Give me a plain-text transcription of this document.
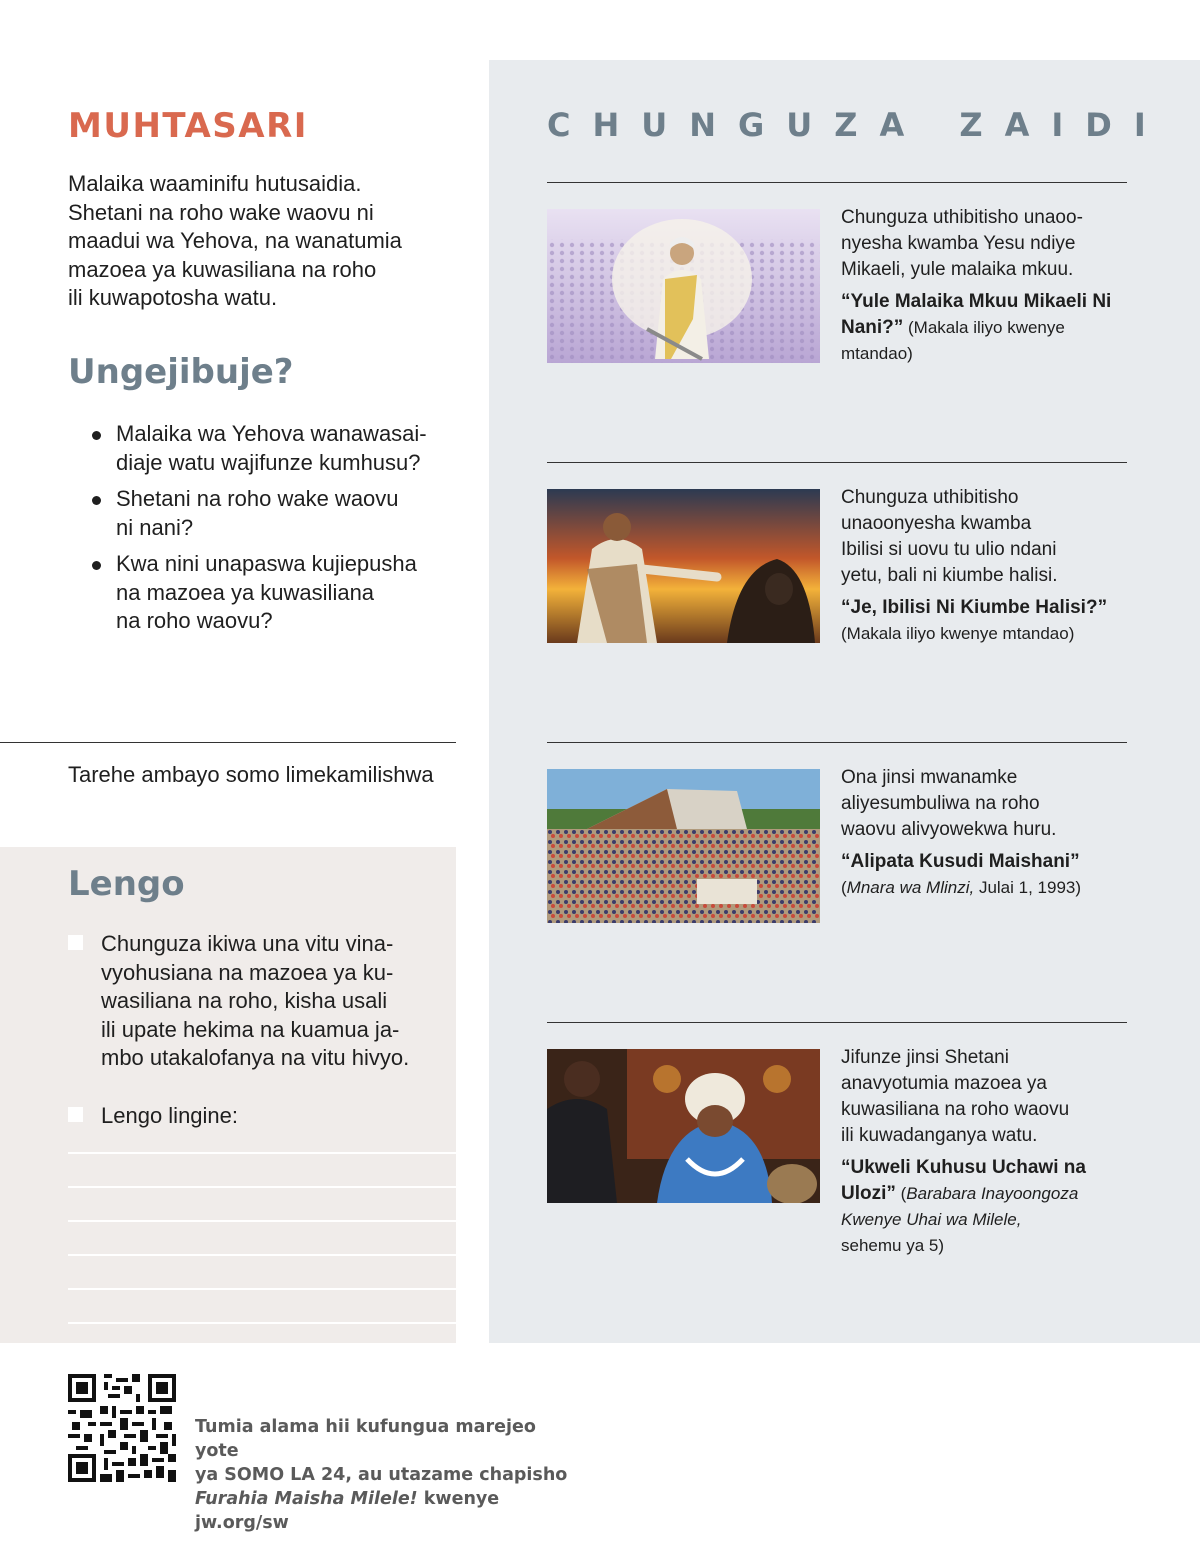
MUHTASARI

Malaika waaminifu hutusaidia.
Shetani na roho wake waovu ni
maadui wa Yehova, na wanatumia
mazoea ya kuwasiliana na roho
ili kuwapotosha watu.

Ungejibuje?
Malaika wa Yehova wanawasai-
diaje watu wajifunze kumhusu?
Shetani na roho wake waovu
ni nani?
Kwa nini unapaswa kujiepusha
na mazoea ya kuwasiliana
na roho waovu?
Tarehe ambayo somo limekamilishwa
Lengo
Chunguza ikiwa una vitu vina-
vyohusiana na mazoea ya ku-
wasiliana na roho, kisha usali
ili upate hekima na kuamua ja-
mbo utakalofanya na vitu hivyo.
Lengo lingine:
CHUNGUZA ZAIDI
Chunguza uthibitisho unaoo-
nyesha kwamba Yesu ndiye
Mikaeli, yule malaika mkuu.
“Yule Malaika Mkuu Mikaeli Ni Nani?” (Makala iliyo kwenye mtandao)
Chunguza uthibitisho
unaoonyesha kwamba
Ibilisi si uovu tu ulio ndani
yetu, bali ni kiumbe halisi.
“Je, Ibilisi Ni Kiumbe Halisi?” (Makala iliyo kwenye mtandao)
Ona jinsi mwanamke
aliyesumbuliwa na roho
waovu alivyowekwa huru.
“Alipata Kusudi Maishani”
(Mnara wa Mlinzi, Julai 1, 1993)
Jifunze jinsi Shetani
anavyotumia mazoea ya
kuwasiliana na roho waovu
ili kuwadanganya watu.
“Ukweli Kuhusu Uchawi na Ulozi” (Barabara Inayoongoza Kwenye Uhai wa Milele,
sehemu ya 5)
Tumia alama hii kufungua marejeo yote
ya SOMO LA 24, au utazame chapisho
Furahia Maisha Milele! kwenye jw.org/sw
